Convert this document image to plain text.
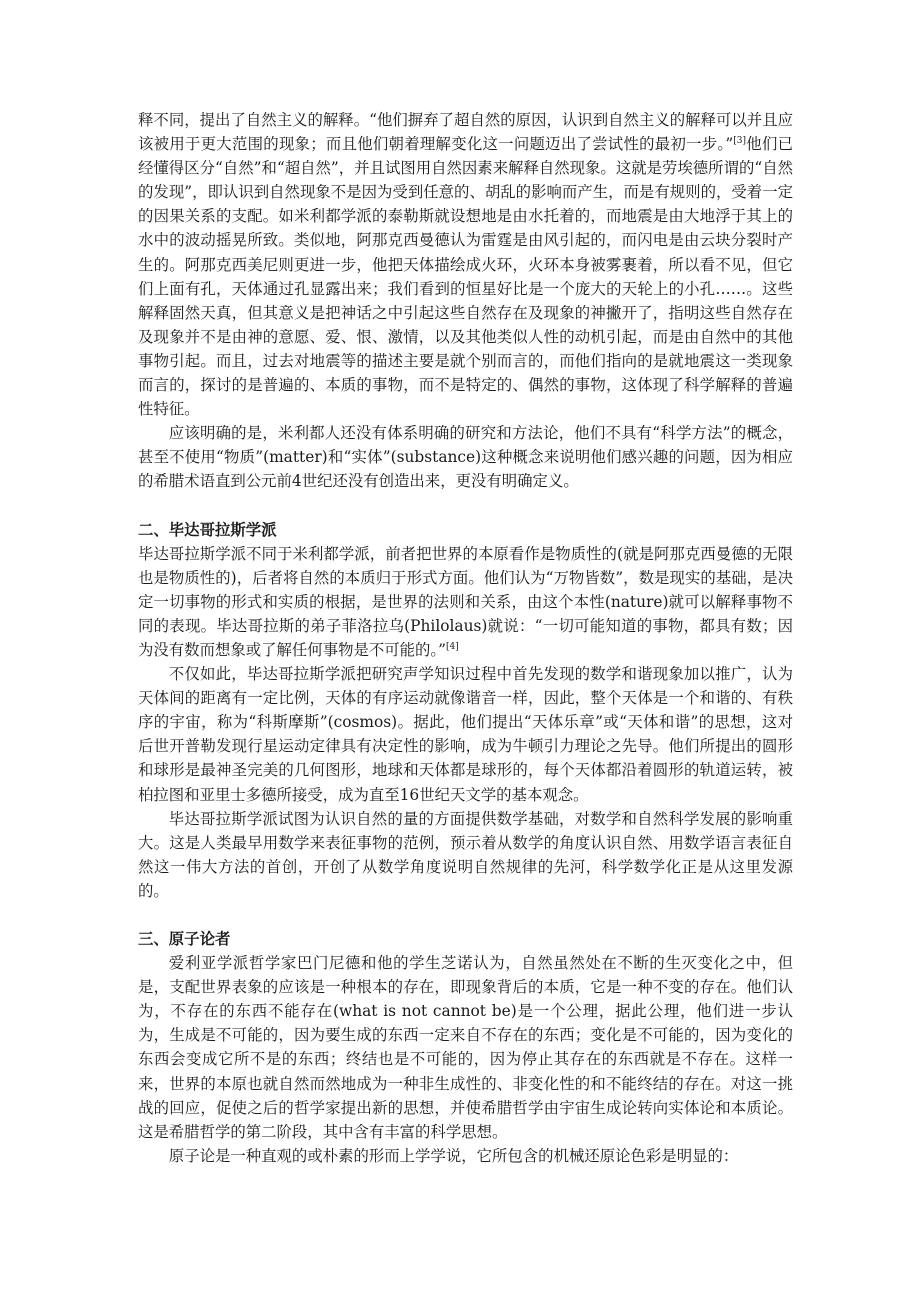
释不同，提出了自然主义的解释。“他们摒弃了超自然的原因，认识到自然主义的解释可以并且应该被用于更大范围的现象；而且他们朝着理解变化这一问题迈出了尝试性的最初一步。”[3]他们已经懂得区分“自然”和“超自然”，并且试图用自然因素来解释自然现象。这就是劳埃德所谓的“自然的发现”，即认识到自然现象不是因为受到任意的、胡乱的影响而产生，而是有规则的，受着一定的因果关系的支配。如米利都学派的泰勒斯就设想地是由水托着的，而地震是由大地浮于其上的水中的波动摇晃所致。类似地，阿那克西曼德认为雷霆是由风引起的，而闪电是由云块分裂时产生的。阿那克西美尼则更进一步，他把天体描绘成火环，火环本身被雾裹着，所以看不见，但它们上面有孔，天体通过孔显露出来；我们看到的恒星好比是一个庞大的天轮上的小孔……。这些解释固然天真，但其意义是把神话之中引起这些自然存在及现象的神撇开了，指明这些自然存在及现象并不是由神的意愿、爱、恨、激情，以及其他类似人性的动机引起，而是由自然中的其他事物引起。而且，过去对地震等的描述主要是就个别而言的，而他们指向的是就地震这一类现象而言的，探讨的是普遍的、本质的事物，而不是特定的、偶然的事物，这体现了科学解释的普遍性特征。

应该明确的是，米利都人还没有体系明确的研究和方法论，他们不具有“科学方法”的概念，甚至不使用“物质”(matter)和“实体”(substance)这种概念来说明他们感兴趣的问题，因为相应的希腊术语直到公元前4世纪还没有创造出来，更没有明确定义。

二、毕达哥拉斯学派

毕达哥拉斯学派不同于米利都学派，前者把世界的本原看作是物质性的(就是阿那克西曼德的无限也是物质性的)，后者将自然的本质归于形式方面。他们认为“万物皆数”，数是现实的基础，是决定一切事物的形式和实质的根据，是世界的法则和关系，由这个本性(nature)就可以解释事物不同的表现。毕达哥拉斯的弟子菲洛拉乌(Philolaus)就说：“一切可能知道的事物，都具有数；因为没有数而想象或了解任何事物是不可能的。”[4]

不仅如此，毕达哥拉斯学派把研究声学知识过程中首先发现的数学和谐现象加以推广，认为天体间的距离有一定比例，天体的有序运动就像谐音一样，因此，整个天体是一个和谐的、有秩序的宇宙，称为“科斯摩斯”(cosmos)。据此，他们提出“天体乐章”或“天体和谐”的思想，这对后世开普勒发现行星运动定律具有决定性的影响，成为牛顿引力理论之先导。他们所提出的圆形和球形是最神圣完美的几何图形，地球和天体都是球形的，每个天体都沿着圆形的轨道运转，被柏拉图和亚里士多德所接受，成为直至16世纪天文学的基本观念。

毕达哥拉斯学派试图为认识自然的量的方面提供数学基础，对数学和自然科学发展的影响重大。这是人类最早用数学来表征事物的范例，预示着从数学的角度认识自然、用数学语言表征自然这一伟大方法的首创，开创了从数学角度说明自然规律的先河，科学数学化正是从这里发源的。

三、原子论者

爱利亚学派哲学家巴门尼德和他的学生芝诺认为，自然虽然处在不断的生灭变化之中，但是，支配世界表象的应该是一种根本的存在，即现象背后的本质，它是一种不变的存在。他们认为，不存在的东西不能存在(what is not cannot be)是一个公理，据此公理，他们进一步认为，生成是不可能的，因为要生成的东西一定来自不存在的东西；变化是不可能的，因为变化的东西会变成它所不是的东西；终结也是不可能的，因为停止其存在的东西就是不存在。这样一来，世界的本原也就自然而然地成为一种非生成性的、非变化性的和不能终结的存在。对这一挑战的回应，促使之后的哲学家提出新的思想，并使希腊哲学由宇宙生成论转向实体论和本质论。这是希腊哲学的第二阶段，其中含有丰富的科学思想。

原子论是一种直观的或朴素的形而上学学说，它所包含的机械还原论色彩是明显的：
